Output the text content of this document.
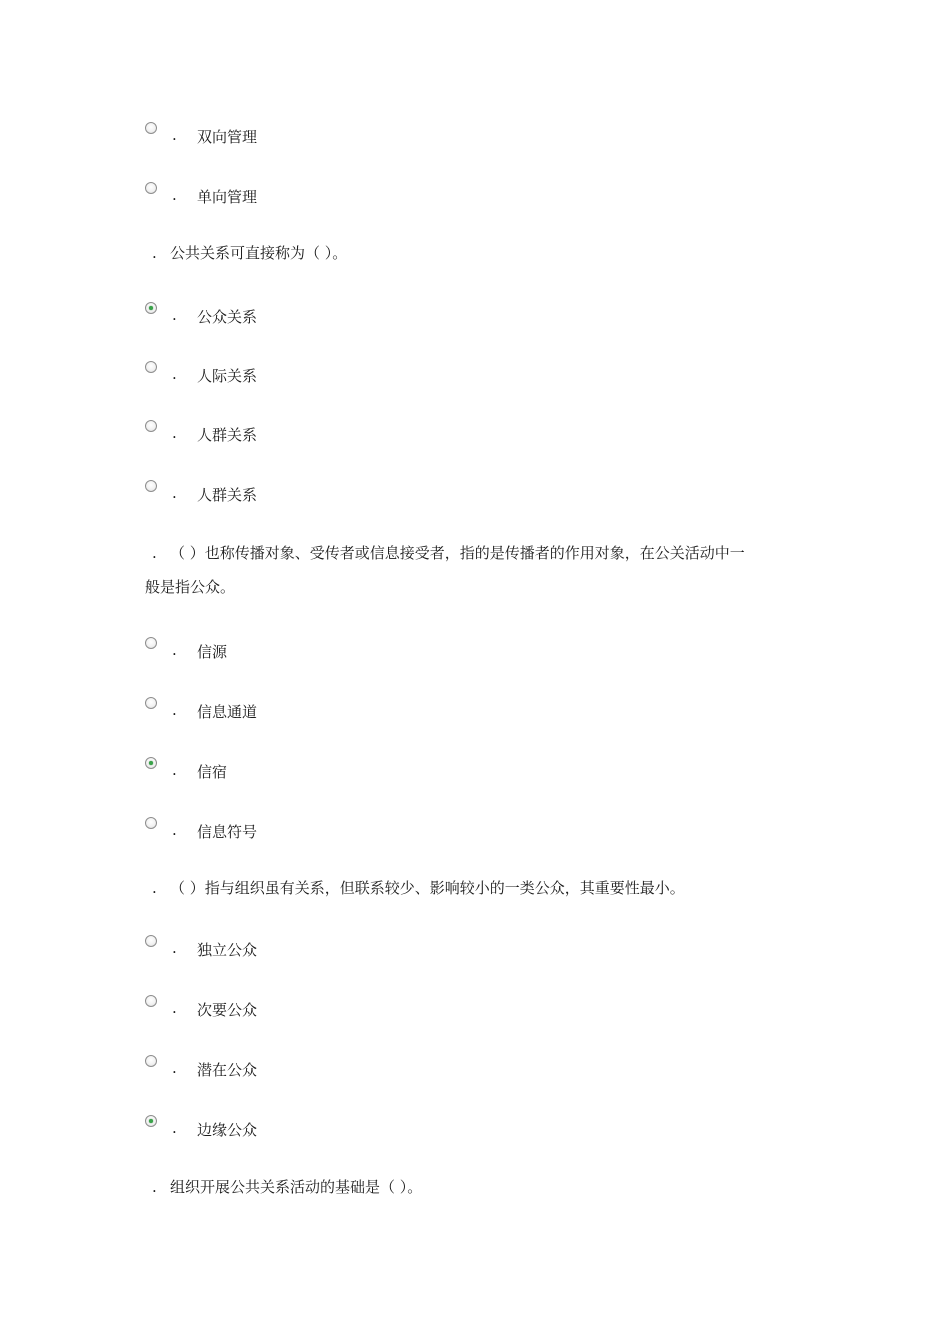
. 双向管理
. 单向管理
. 公共关系可直接称为（ ）。
. 公众关系
. 人际关系
. 人群关系
. 人群关系
. （ ）也称传播对象、受传者或信息接受者，指的是传播者的作用对象，在公关活动中一
般是指公众。
. 信源
. 信息通道
. 信宿
. 信息符号
. （ ）指与组织虽有关系，但联系较少、影响较小的一类公众，其重要性最小。
. 独立公众
. 次要公众
. 潜在公众
. 边缘公众
. 组织开展公共关系活动的基础是（ ）。
